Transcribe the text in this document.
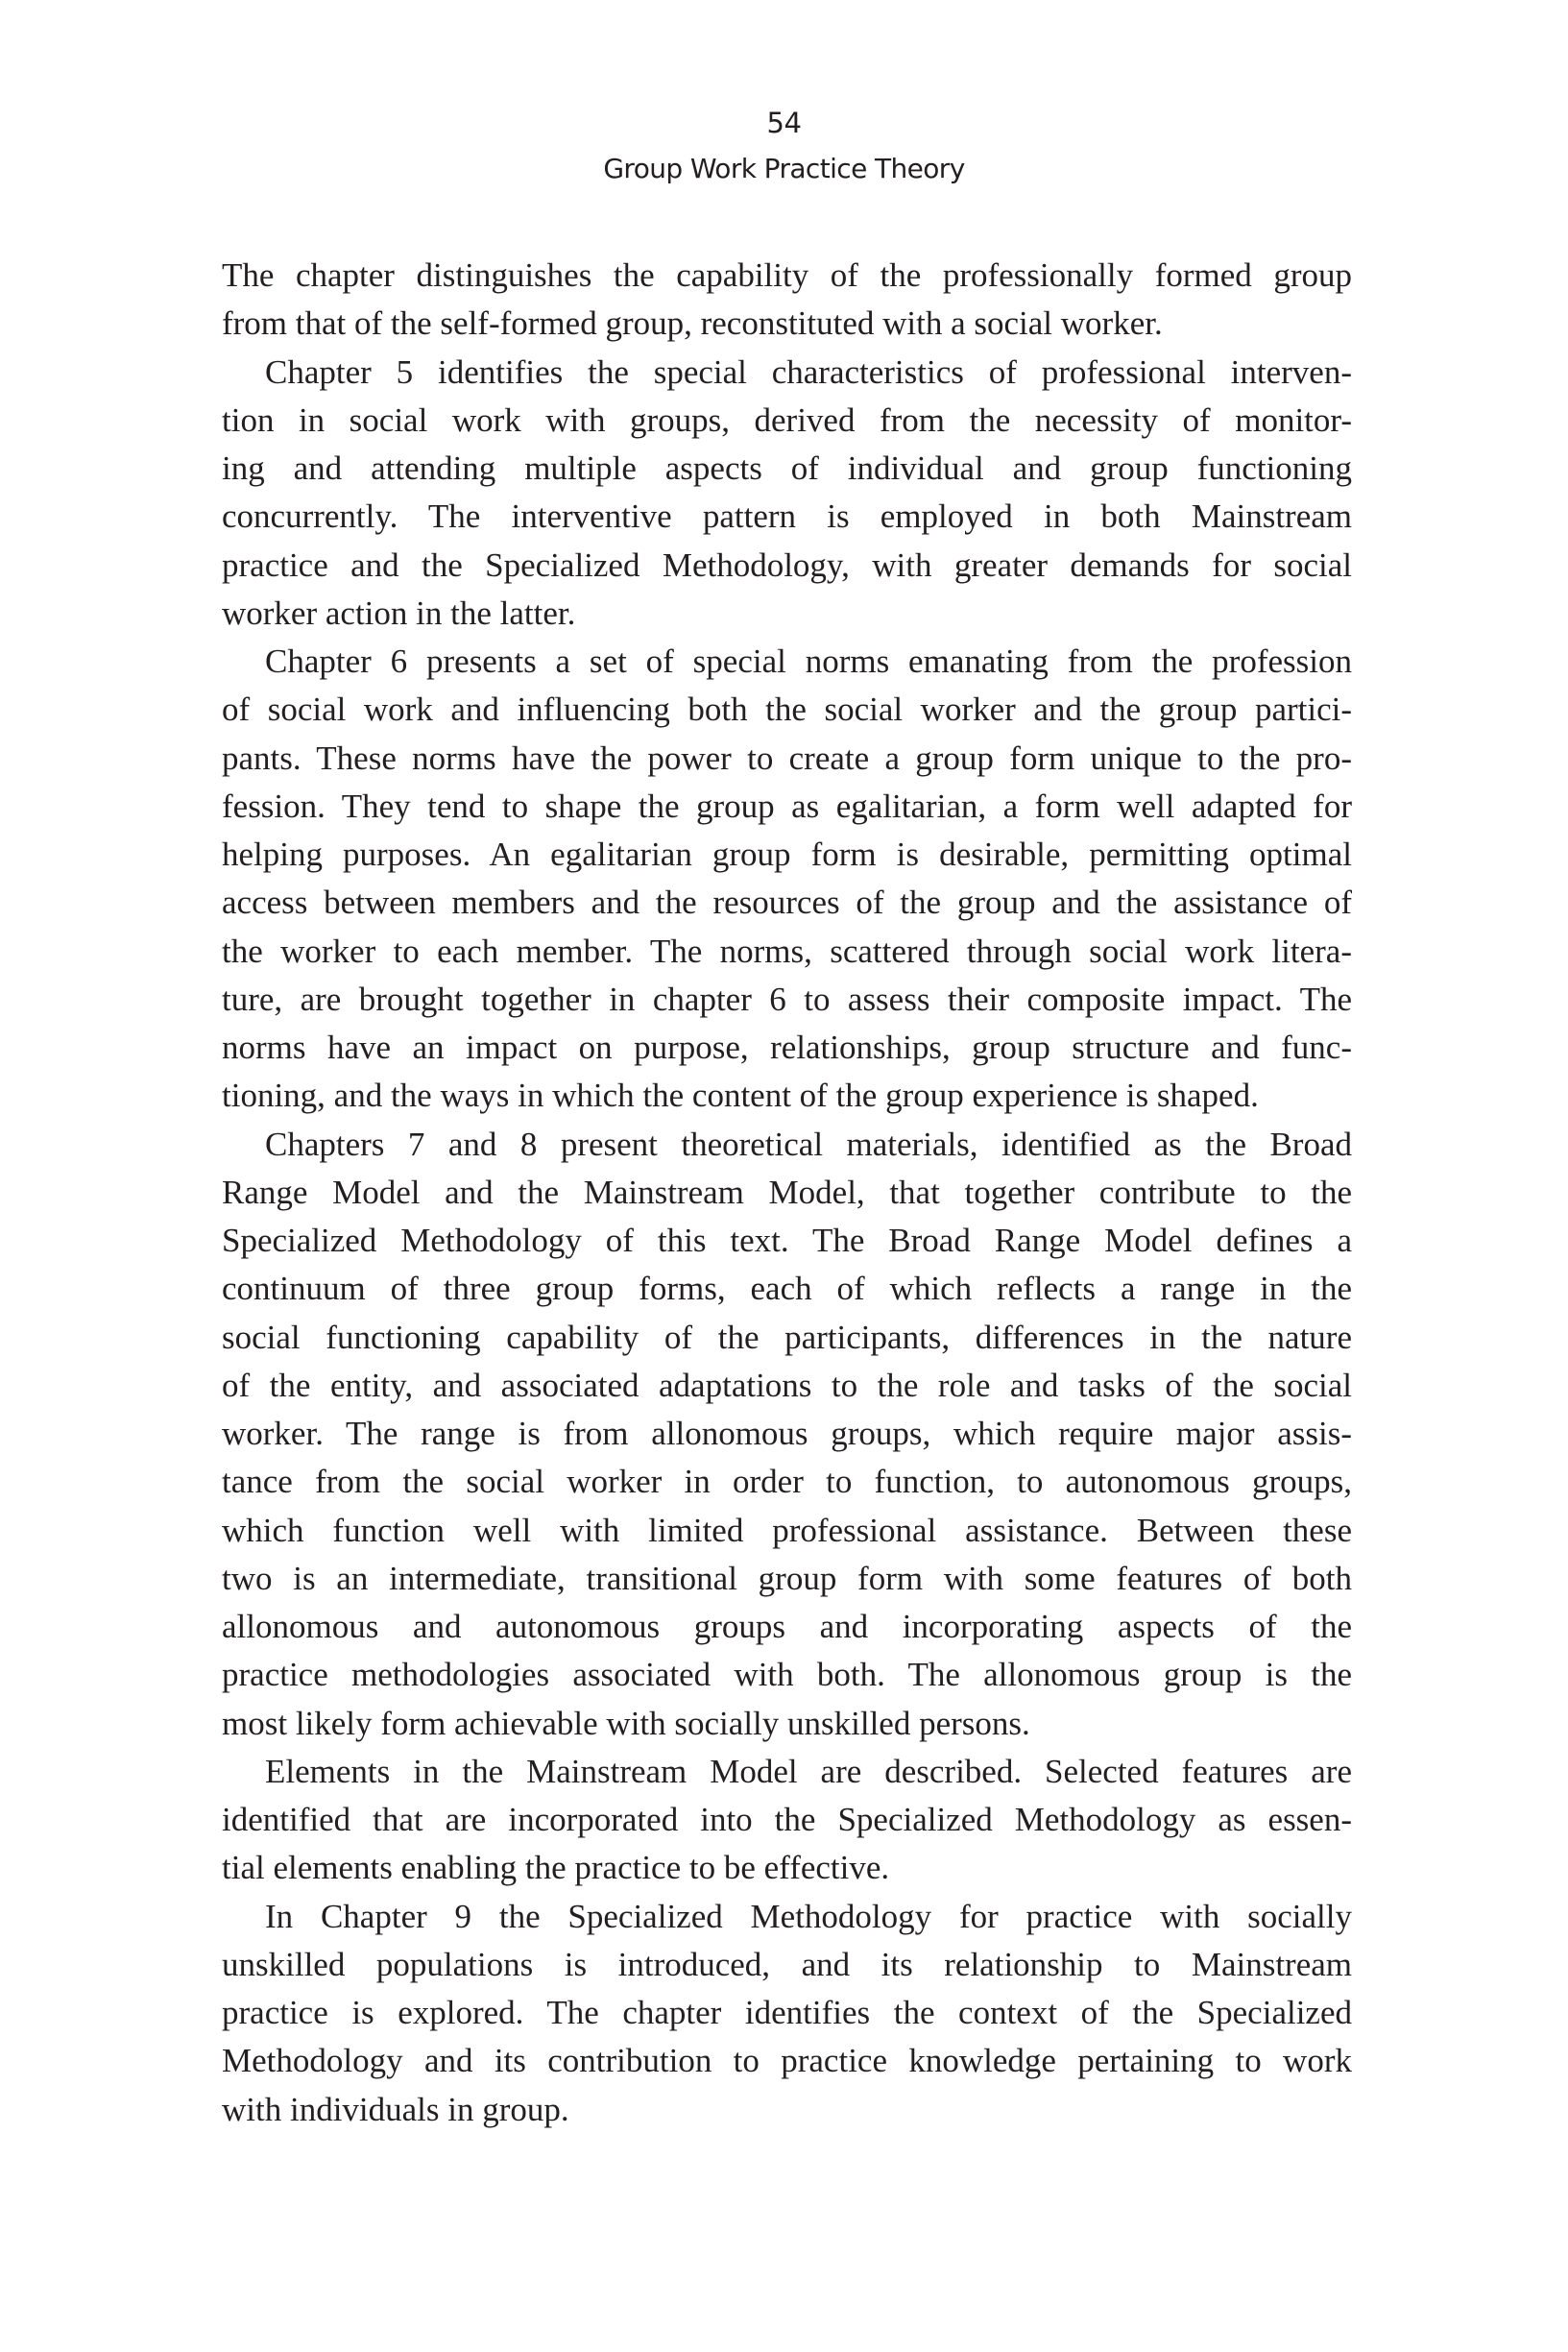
54
Group Work Practice Theory
The chapter distinguishes the capability of the professionally formed group
from that of the self-formed group, reconstituted with a social worker.
Chapter 5 identifies the special characteristics of professional interven-
tion in social work with groups, derived from the necessity of monitor-
ing and attending multiple aspects of individual and group functioning
concurrently. The interventive pattern is employed in both Mainstream
practice and the Specialized Methodology, with greater demands for social
worker action in the latter.
Chapter 6 presents a set of special norms emanating from the profession
of social work and influencing both the social worker and the group partici-
pants. These norms have the power to create a group form unique to the pro-
fession. They tend to shape the group as egalitarian, a form well adapted for
helping purposes. An egalitarian group form is desirable, permitting optimal
access between members and the resources of the group and the assistance of
the worker to each member. The norms, scattered through social work litera-
ture, are brought together in chapter 6 to assess their composite impact. The
norms have an impact on purpose, relationships, group structure and func-
tioning, and the ways in which the content of the group experience is shaped.
Chapters 7 and 8 present theoretical materials, identified as the Broad
Range Model and the Mainstream Model, that together contribute to the
Specialized Methodology of this text. The Broad Range Model defines a
continuum of three group forms, each of which reflects a range in the
social functioning capability of the participants, differences in the nature
of the entity, and associated adaptations to the role and tasks of the social
worker. The range is from allonomous groups, which require major assis-
tance from the social worker in order to function, to autonomous groups,
which function well with limited professional assistance. Between these
two is an intermediate, transitional group form with some features of both
allonomous and autonomous groups and incorporating aspects of the
practice methodologies associated with both. The allonomous group is the
most likely form achievable with socially unskilled persons.
Elements in the Mainstream Model are described. Selected features are
identified that are incorporated into the Specialized Methodology as essen-
tial elements enabling the practice to be effective.
In Chapter 9 the Specialized Methodology for practice with socially
unskilled populations is introduced, and its relationship to Mainstream
practice is explored. The chapter identifies the context of the Specialized
Methodology and its contribution to practice knowledge pertaining to work
with individuals in group.
